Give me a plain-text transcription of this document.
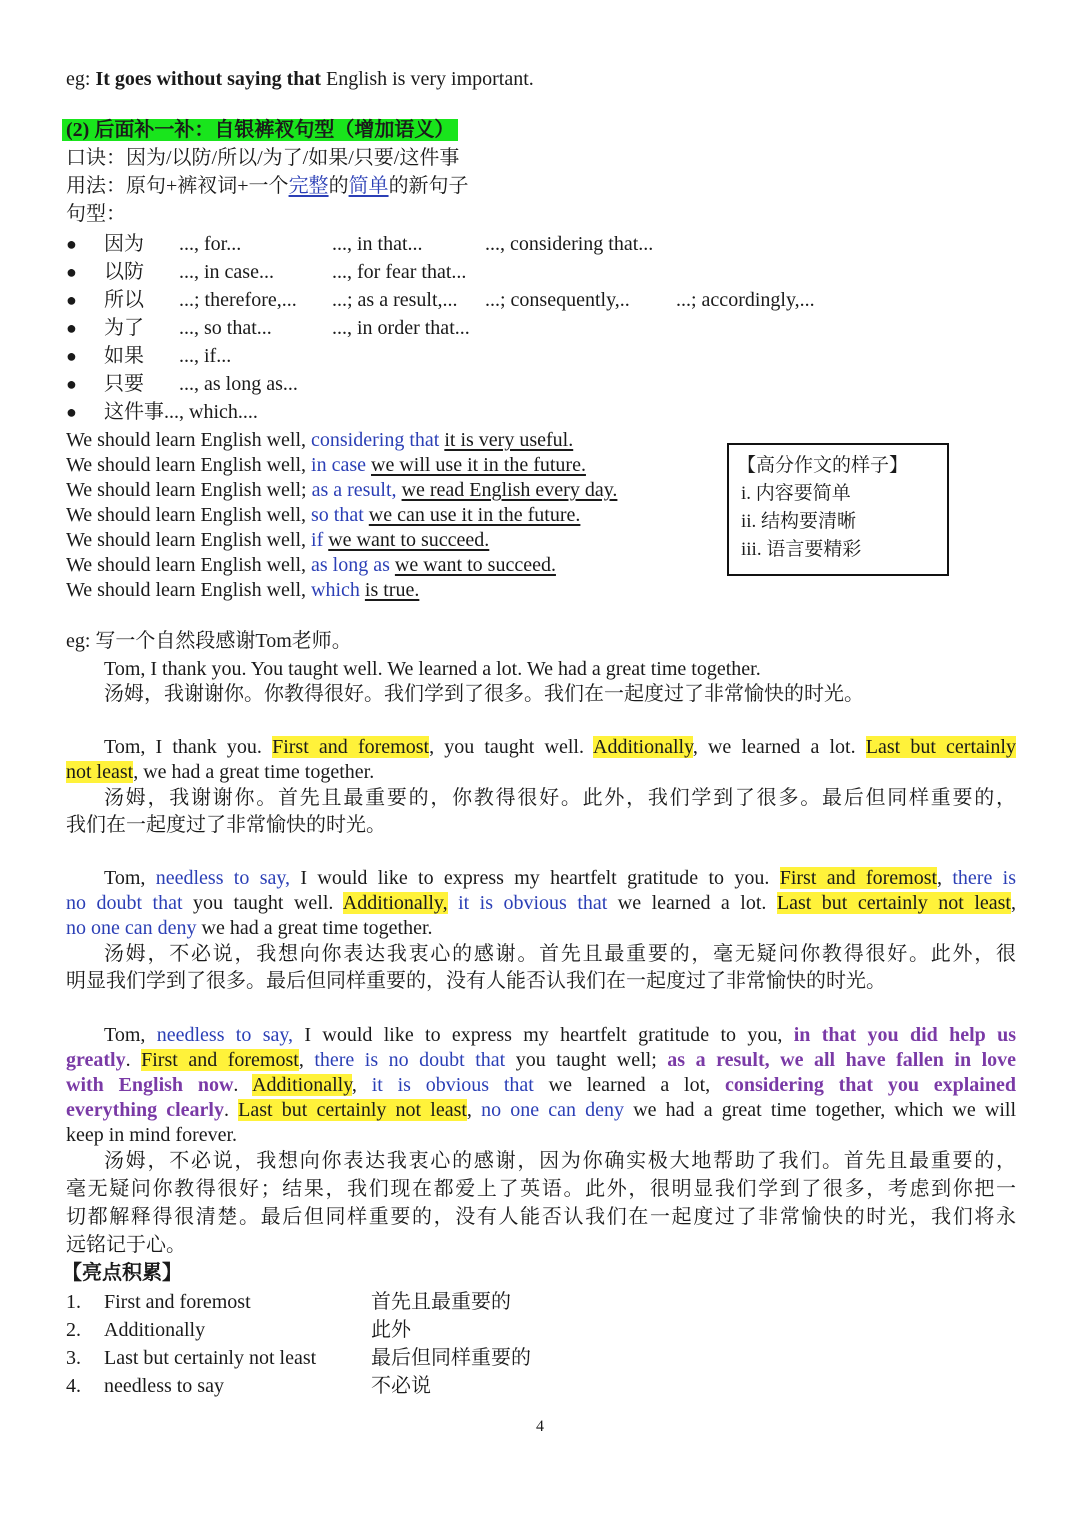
eg: It goes without saying that English is very important.
(2) 后面补一补：自银裤衩句型（增加语义）
口诀：因为/以防/所以/为了/如果/只要/这件事
用法：原句+裤衩词+一个完整的简单的新句子
句型：
● 因为 ..., for...	..., in that...	..., considering that...
● 以防 ..., in case...	..., for fear that...
● 所以 ...; therefore,... ...; as a result,... ...; consequently,.. ...; accordingly,...
● 为了 ..., so that...	..., in order that...
● 如果 ..., if...
● 只要 ..., as long as...
● 这件事..., which....
We should learn English well, considering that it is very useful.
We should learn English well, in case we will use it in the future.
We should learn English well; as a result, we read English every day.
We should learn English well, so that we can use it in the future.
We should learn English well, if we want to succeed.
We should learn English well, as long as we want to succeed.
We should learn English well, which is true.
【高分作文的样子】
i. 内容要简单
ii. 结构要清晰
iii. 语言要精彩
eg: 写一个自然段感谢Tom老师。
Tom, I thank you. You taught well. We learned a lot. We had a great time together.
汤姆，我谢谢你。你教得很好。我们学到了很多。我们在一起度过了非常愉快的时光。
Tom, I thank you. First and foremost, you taught well. Additionally, we learned a lot. Last but certainly
not least, we had a great time together.
汤姆，我谢谢你。首先且最重要的，你教得很好。此外，我们学到了很多。最后但同样重要的，
我们在一起度过了非常愉快的时光。
Tom, needless to say, I would like to express my heartfelt gratitude to you. First and foremost, there is
no doubt that you taught well. Additionally, it is obvious that we learned a lot. Last but certainly not least,
no one can deny we had a great time together.
汤姆，不必说，我想向你表达我衷心的感谢。首先且最重要的，毫无疑问你教得很好。此外，很
明显我们学到了很多。最后但同样重要的，没有人能否认我们在一起度过了非常愉快的时光。
Tom, needless to say, I would like to express my heartfelt gratitude to you, in that you did help us
greatly. First and foremost, there is no doubt that you taught well; as a result, we all have fallen in love
with English now. Additionally, it is obvious that we learned a lot, considering that you explained
everything clearly. Last but certainly not least, no one can deny we had a great time together, which we will
keep in mind forever.
汤姆，不必说，我想向你表达我衷心的感谢，因为你确实极大地帮助了我们。首先且最重要的，
毫无疑问你教得很好；结果，我们现在都爱上了英语。此外，很明显我们学到了很多，考虑到你把一
切都解释得很清楚。最后但同样重要的，没有人能否认我们在一起度过了非常愉快的时光，我们将永
远铭记于心。
【亮点积累】
1. First and foremost	首先且最重要的
2. Additionally	此外
3. Last but certainly not least	最后但同样重要的
4. needless to say	不必说
4
